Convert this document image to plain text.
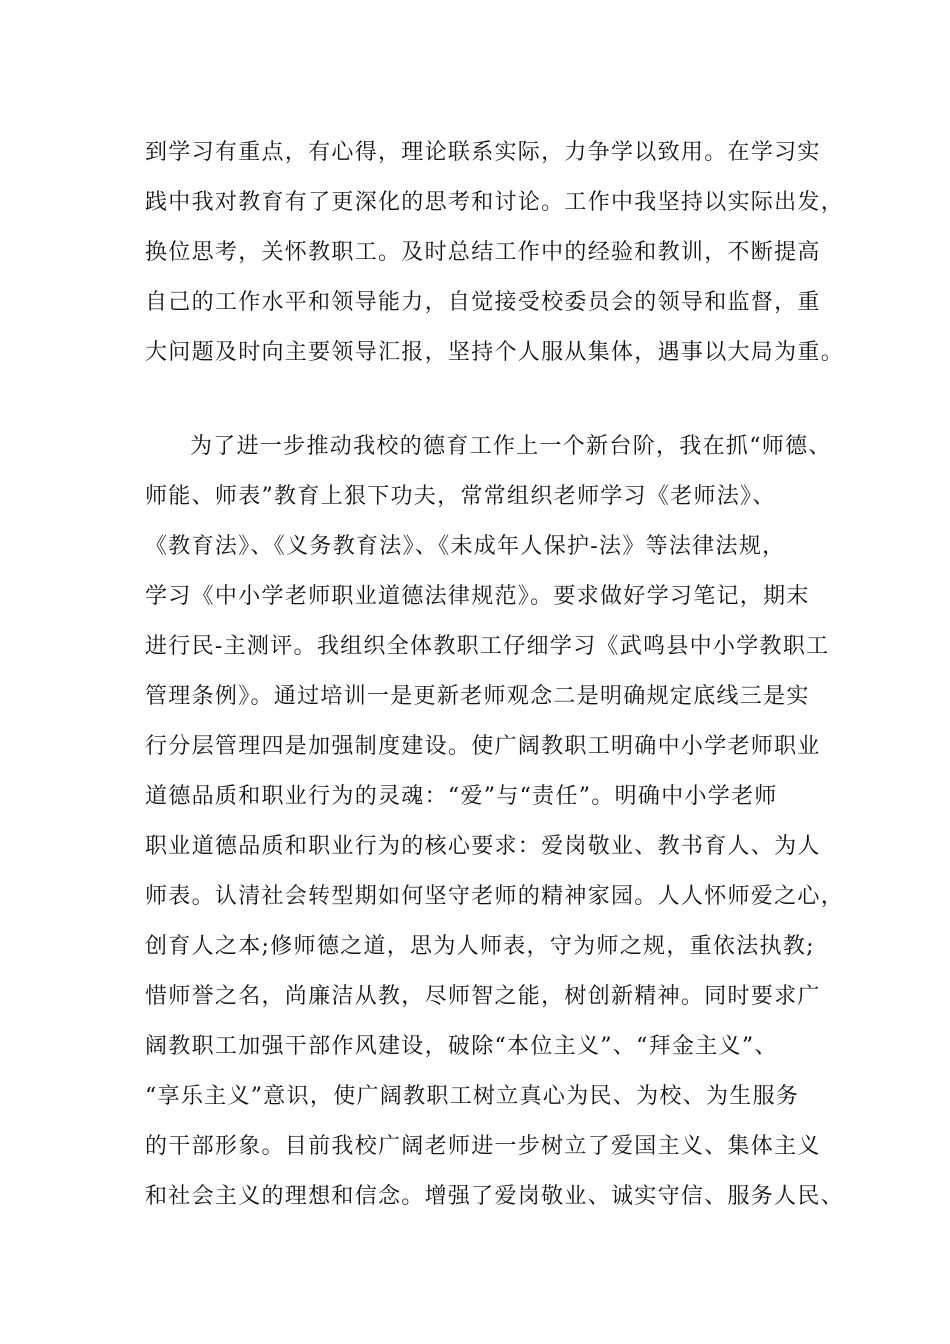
到学习有重点，有心得，理论联系实际，力争学以致用。在学习实
践中我对教育有了更深化的思考和讨论。工作中我坚持以实际出发，
换位思考，关怀教职工。及时总结工作中的经验和教训，不断提高
自己的工作水平和领导能力，自觉接受校委员会的领导和监督，重
大问题及时向主要领导汇报，坚持个人服从集体，遇事以大局为重。
为了进一步推动我校的德育工作上一个新台阶，我在抓“师德、
师能、师表”教育上狠下功夫，常常组织老师学习《老师法》、
《教育法》、《义务教育法》、《未成年人保护-法》等法律法规，
学习《中小学老师职业道德法律规范》。要求做好学习笔记，期末
进行民-主测评。我组织全体教职工仔细学习《武鸣县中小学教职工
管理条例》。通过培训一是更新老师观念二是明确规定底线三是实
行分层管理四是加强制度建设。使广阔教职工明确中小学老师职业
道德品质和职业行为的灵魂：“爱”与“责任”。明确中小学老师
职业道德品质和职业行为的核心要求：爱岗敬业、教书育人、为人
师表。认清社会转型期如何坚守老师的精神家园。人人怀师爱之心，
创育人之本;修师德之道，思为人师表，守为师之规，重依法执教;
惜师誉之名，尚廉洁从教，尽师智之能，树创新精神。同时要求广
阔教职工加强干部作风建设，破除“本位主义”、“拜金主义”、
“享乐主义”意识，使广阔教职工树立真心为民、为校、为生服务
的干部形象。目前我校广阔老师进一步树立了爱国主义、集体主义
和社会主义的理想和信念。增强了爱岗敬业、诚实守信、服务人民、
